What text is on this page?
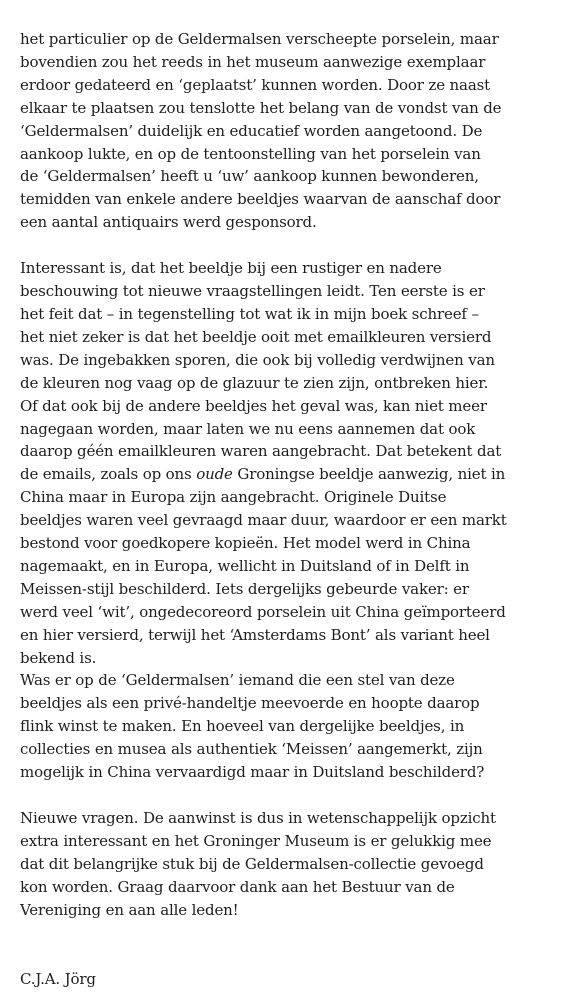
het particulier op de Geldermalsen verscheepte porselein, maar
bovendien zou het reeds in het museum aanwezige exemplaar
erdoor gedateerd en ‘geplaatst’ kunnen worden. Door ze naast
elkaar te plaatsen zou tenslotte het belang van de vondst van de
‘Geldermalsen’ duidelijk en educatief worden aangetoond. De
aankoop lukte, en op de tentoonstelling van het porselein van
de ‘Geldermalsen’ heeft u ‘uw’ aankoop kunnen bewonderen,
temidden van enkele andere beeldjes waarvan de aanschaf door
een aantal antiquairs werd gesponsord.

Interessant is, dat het beeldje bij een rustiger en nadere
beschouwing tot nieuwe vraagstellingen leidt. Ten eerste is er
het feit dat – in tegenstelling tot wat ik in mijn boek schreef –
het niet zeker is dat het beeldje ooit met emailkleuren versierd
was. De ingebakken sporen, die ook bij volledig verdwijnen van
de kleuren nog vaag op de glazuur te zien zijn, ontbreken hier.
Of dat ook bij de andere beeldjes het geval was, kan niet meer
nagegaan worden, maar laten we nu eens aannemen dat ook
daarop géén emailkleuren waren aangebracht. Dat betekent dat
de emails, zoals op ons oude Groningse beeldje aanwezig, niet in
China maar in Europa zijn aangebracht. Originele Duitse
beeldjes waren veel gevraagd maar duur, waardoor er een markt
bestond voor goedkopere kopieën. Het model werd in China
nagemaakt, en in Europa, wellicht in Duitsland of in Delft in
Meissen-stijl beschilderd. Iets dergelijks gebeurde vaker: er
werd veel ‘wit’, ongedecoreord porselein uit China geïmporteerd
en hier versierd, terwijl het ‘Amsterdams Bont’ als variant heel
bekend is.
Was er op de ‘Geldermalsen’ iemand die een stel van deze
beeldjes als een privé-handeltje meevoerde en hoopte daarop
flink winst te maken. En hoeveel van dergelijke beeldjes, in
collecties en musea als authentiek ‘Meissen’ aangemerkt, zijn
mogelijk in China vervaardigd maar in Duitsland beschilderd?

Nieuwe vragen. De aanwinst is dus in wetenschappelijk opzicht
extra interessant en het Groninger Museum is er gelukkig mee
dat dit belangrijke stuk bij de Geldermalsen-collectie gevoegd
kon worden. Graag daarvoor dank aan het Bestuur van de
Vereniging en aan alle leden!

C.J.A. Jörg
